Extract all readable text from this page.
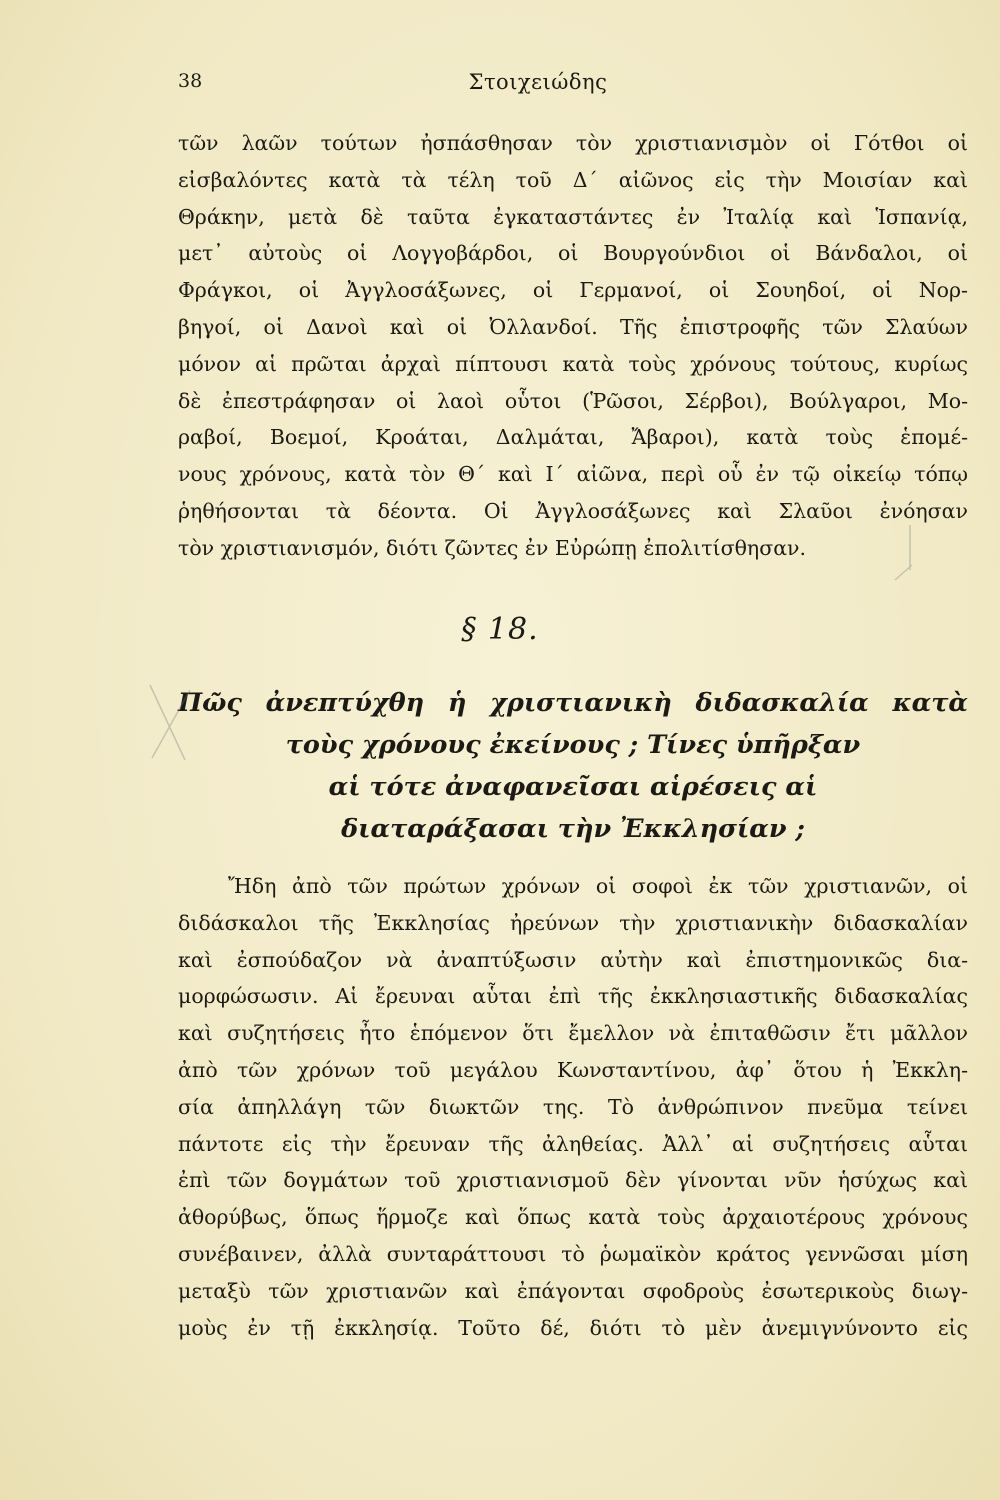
38	Στοιχειώδης
τῶν λαῶν τούτων ἠσπάσθησαν τὸν χριστιανισμὸν οἱ Γότθοι οἱ
εἰσβαλόντες κατὰ τὰ τέλη τοῦ Δ΄ αἰῶνος εἰς τὴν Μοισίαν καὶ
Θράκην, μετὰ δὲ ταῦτα ἐγκαταστάντες ἐν Ἰταλίᾳ καὶ Ἱσπανίᾳ,
μετ᾽ αὐτοὺς οἱ Λογγοβάρδοι, οἱ Βουργούνδιοι οἱ Βάνδαλοι, οἱ
Φράγκοι, οἱ Ἀγγλοσάξωνες, οἱ Γερμανοί, οἱ Σουηδοί, οἱ Νορ-
βηγοί, οἱ Δανοὶ καὶ οἱ Ὀλλανδοί. Τῆς ἐπιστροφῆς τῶν Σλαύων
μόνον αἱ πρῶται ἀρχαὶ πίπτουσι κατὰ τοὺς χρόνους τούτους, κυρίως
δὲ ἐπεστράφησαν οἱ λαοὶ οὗτοι (Ῥῶσοι, Σέρβοι), Βούλγαροι, Μο-
ραβοί, Βοεμοί, Κροάται, Δαλμάται, Ἄβαροι), κατὰ τοὺς ἑπομέ-
νους χρόνους, κατὰ τὸν Θ΄ καὶ Ι΄ αἰῶνα, περὶ οὗ ἐν τῷ οἰκείῳ τόπῳ
ῥηθήσονται τὰ δέοντα. Οἱ Ἀγγλοσάξωνες καὶ Σλαῦοι ἐνόησαν
τὸν χριστιανισμόν, διότι ζῶντες ἐν Εὐρώπῃ ἐπολιτίσθησαν.
§ 18.
Πῶς ἀνεπτύχθη ἡ χριστιανικὴ διδασκαλία κατὰ
τοὺς χρόνους ἐκείνους ; Τίνες ὑπῆρξαν
αἱ τότε ἀναφανεῖσαι αἱρέσεις αἱ
διαταράξασαι τὴν Ἐκκλησίαν ;
Ἤδη ἀπὸ τῶν πρώτων χρόνων οἱ σοφοὶ ἐκ τῶν χριστιανῶν, οἱ
διδάσκαλοι τῆς Ἐκκλησίας ἠρεύνων τὴν χριστιανικὴν διδασκαλίαν
καὶ ἐσπούδαζον νὰ ἀναπτύξωσιν αὐτὴν καὶ ἐπιστημονικῶς δια-
μορφώσωσιν. Αἱ ἔρευναι αὗται ἐπὶ τῆς ἐκκλησιαστικῆς διδασκαλίας
καὶ συζητήσεις ἦτο ἑπόμενον ὅτι ἔμελλον νὰ ἐπιταθῶσιν ἔτι μᾶλλον
ἀπὸ τῶν χρόνων τοῦ μεγάλου Κωνσταντίνου, ἀφ᾽ ὅτου ἡ Ἐκκλη-
σία ἀπηλλάγη τῶν διωκτῶν της. Τὸ ἀνθρώπινον πνεῦμα τείνει
πάντοτε εἰς τὴν ἔρευναν τῆς ἀληθείας. Ἀλλ᾽ αἱ συζητήσεις αὗται
ἐπὶ τῶν δογμάτων τοῦ χριστιανισμοῦ δὲν γίνονται νῦν ἡσύχως καὶ
ἀθορύβως, ὅπως ἥρμοζε καὶ ὅπως κατὰ τοὺς ἀρχαιοτέρους χρόνους
συνέβαινεν, ἀλλὰ συνταράττουσι τὸ ῥωμαϊκὸν κράτος γεννῶσαι μίση
μεταξὺ τῶν χριστιανῶν καὶ ἐπάγονται σφοδροὺς ἐσωτερικοὺς διωγ-
μοὺς ἐν τῇ ἐκκλησίᾳ. Τοῦτο δέ, διότι τὸ μὲν ἀνεμιγνύνοντο εἰς
